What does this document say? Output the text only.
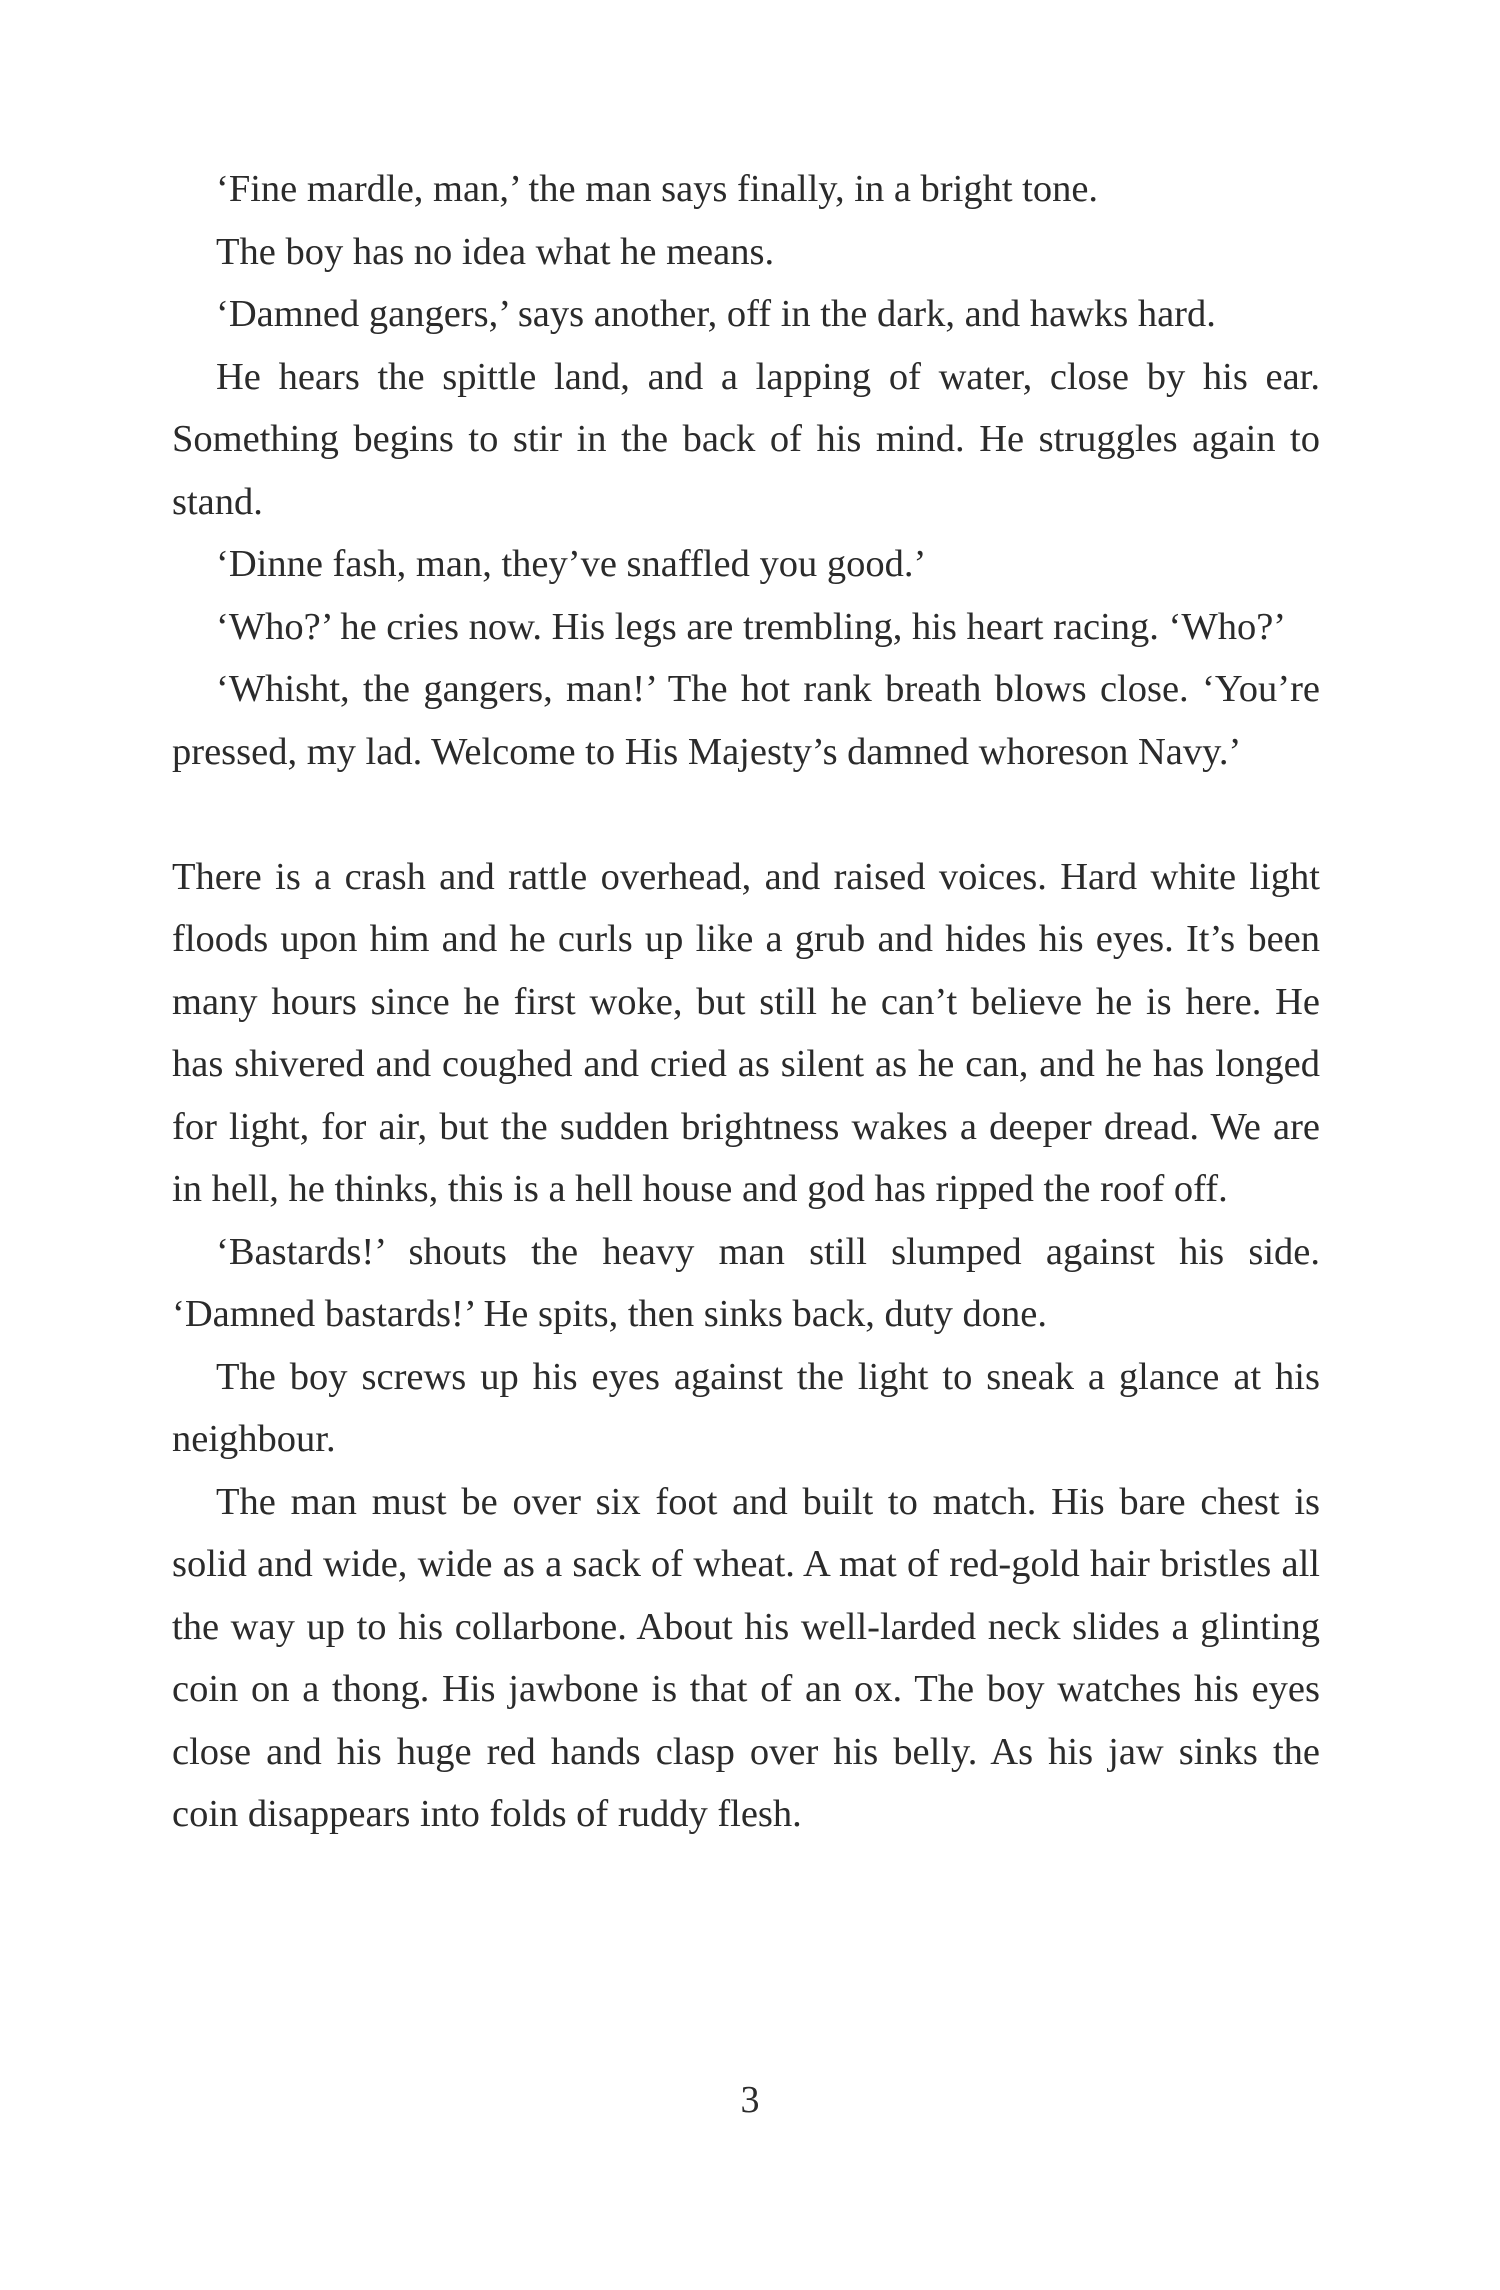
‘Fine mardle, man,’ the man says finally, in a bright tone.

The boy has no idea what he means.

‘Damned gangers,’ says another, off in the dark, and hawks hard.

He hears the spittle land, and a lapping of water, close by his ear. Something begins to stir in the back of his mind. He struggles again to stand.

‘Dinne fash, man, they’ve snaffled you good.’

‘Who?’ he cries now. His legs are trembling, his heart racing. ‘Who?’

‘Whisht, the gangers, man!’ The hot rank breath blows close. ‘You’re pressed, my lad. Welcome to His Majesty’s damned whoreson Navy.’

There is a crash and rattle overhead, and raised voices. Hard white light floods upon him and he curls up like a grub and hides his eyes. It’s been many hours since he first woke, but still he can’t believe he is here. He has shivered and coughed and cried as silent as he can, and he has longed for light, for air, but the sudden brightness wakes a deeper dread. We are in hell, he thinks, this is a hell house and god has ripped the roof off.

‘Bastards!’ shouts the heavy man still slumped against his side. ‘Damned bastards!’ He spits, then sinks back, duty done.

The boy screws up his eyes against the light to sneak a glance at his neighbour.

The man must be over six foot and built to match. His bare chest is solid and wide, wide as a sack of wheat. A mat of red-gold hair bristles all the way up to his collarbone. About his well-larded neck slides a glinting coin on a thong. His jawbone is that of an ox. The boy watches his eyes close and his huge red hands clasp over his belly. As his jaw sinks the coin disappears into folds of ruddy flesh.

3
